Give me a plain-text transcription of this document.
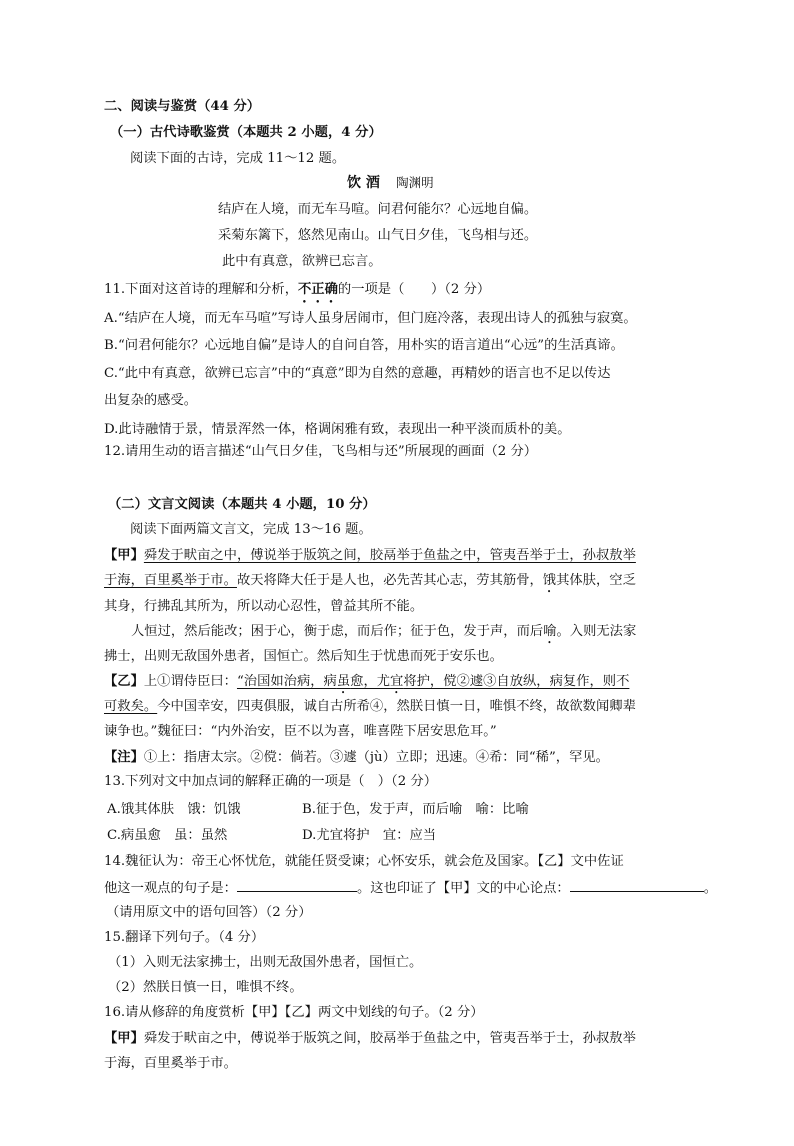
二、阅读与鉴赏（44 分）
（一）古代诗歌鉴赏（本题共 2 小题，4 分）
阅读下面的古诗，完成 11～12 题。
饮 酒 陶渊明
结庐在人境，而无车马喧。问君何能尔？心远地自偏。
采菊东篱下，悠然见南山。山气日夕佳，飞鸟相与还。
此中有真意，欲辨已忘言。
11.下面对这首诗的理解和分析，不正确的一项是（　　）（2 分）
A.“结庐在人境，而无车马喧”写诗人虽身居闹市，但门庭冷落，表现出诗人的孤独与寂寞。
B.“问君何能尔？心远地自偏”是诗人的自问自答，用朴实的语言道出“心远”的生活真谛。
C.“此中有真意，欲辨已忘言”中的“真意”即为自然的意趣，再精妙的语言也不足以传达
出复杂的感受。
D.此诗融情于景，情景浑然一体，格调闲雅有致，表现出一种平淡而质朴的美。
12.请用生动的语言描述“山气日夕佳，飞鸟相与还”所展现的画面（2 分）
（二）文言文阅读（本题共 4 小题，10 分）
阅读下面两篇文言文，完成 13～16 题。
【甲】舜发于畎亩之中，傅说举于版筑之间，胶鬲举于鱼盐之中，管夷吾举于士，孙叔敖举
于海，百里奚举于市。故天将降大任于是人也，必先苦其心志，劳其筋骨，饿其体肤，空乏
其身，行拂乱其所为，所以动心忍性，曾益其所不能。
人恒过，然后能改；困于心，衡于虑，而后作；征于色，发于声，而后喻。入则无法家
拂士，出则无敌国外患者，国恒亡。然后知生于忧患而死于安乐也。
【乙】上①谓侍臣曰：“治国如治病，病虽愈，尤宜将护，傥②遽③自放纵，病复作，则不
可救矣。今中国幸安，四夷俱服，诚自古所希④，然朕日慎一日，唯惧不终，故欲数闻卿辈
谏争也。”魏征曰：“内外治安，臣不以为喜，唯喜陛下居安思危耳。”
【注】①上：指唐太宗。②傥：倘若。③遽（jù）立即；迅速。④希：同“稀”，罕见。
13.下列对文中加点词的解释正确的一项是（　）（2 分）
A.饿其体肤　饿：饥饿	B.征于色，发于声，而后喻　喻：比喻
C.病虽愈　虽：虽然	D.尤宜将护　宜：应当
14.魏征认为：帝王心怀忧危，就能任贤受谏；心怀安乐，就会危及国家。【乙】文中佐证
他这一观点的句子是：	。这也印证了【甲】文的中心论点：	。
（请用原文中的语句回答）（2 分）
15.翻译下列句子。（4 分）
（1）入则无法家拂士，出则无敌国外患者，国恒亡。
（2）然朕日慎一日，唯惧不终。
16.请从修辞的角度赏析【甲】【乙】两文中划线的句子。（2 分）
【甲】舜发于畎亩之中，傅说举于版筑之间，胶鬲举于鱼盐之中，管夷吾举于士，孙叔敖举
于海，百里奚举于市。
